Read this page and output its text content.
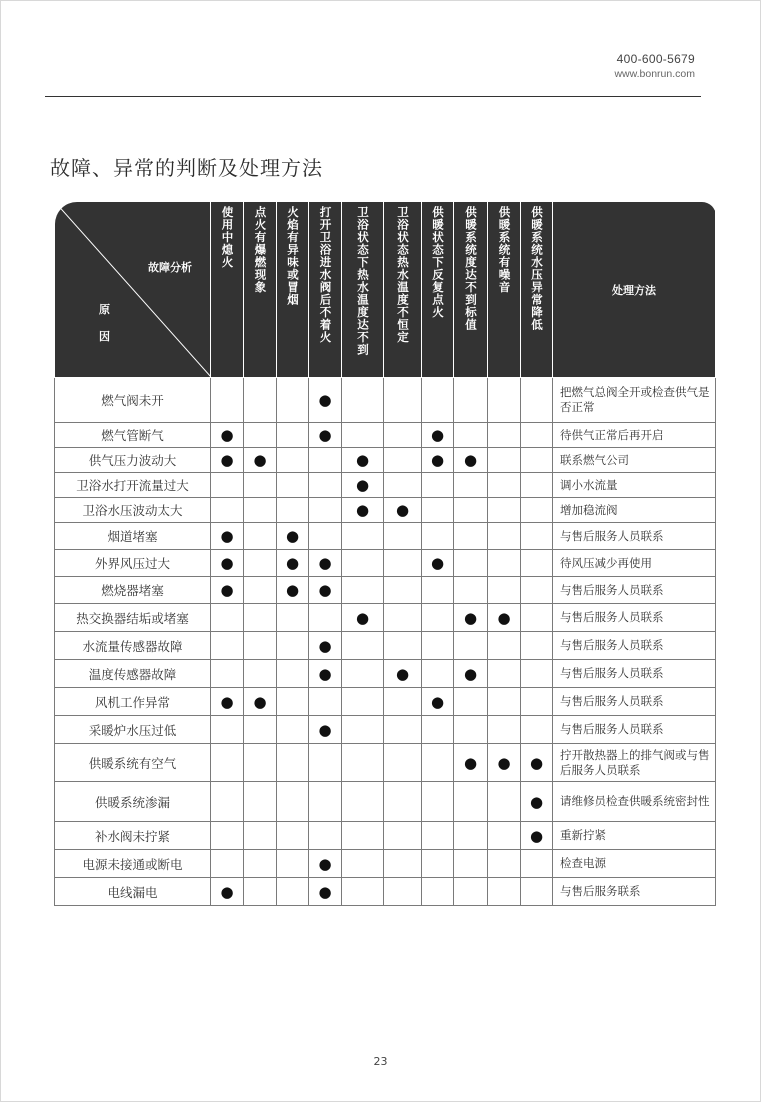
400-600-5679
www.bonrun.com
故障、异常的判断及处理方法
故障分析
原
因	使用中熄火	点火有爆燃现象	火焰有异味或冒烟	打开卫浴进水阀后不着火	卫浴状态下热水温度达不到	卫浴状态热水温度不恒定	供暖状态下反复点火	供暖系统度达不到标值	供暖系统有噪音	供暖系统水压异常降低	处理方法
燃气阀未开				●							把燃气总阀全开或检查供气是否正常
燃气管断气	●			●			●				待供气正常后再开启
供气压力波动大	●	●			●		●	●			联系燃气公司
卫浴水打开流量过大					●						调小水流量
卫浴水压波动太大					●	●					增加稳流阀
烟道堵塞	●		●								与售后服务人员联系
外界风压过大	●		●	●			●				待风压减少再使用
燃烧器堵塞	●		●	●							与售后服务人员联系
热交换器结垢或堵塞					●			●	●		与售后服务人员联系
水流量传感器故障				●							与售后服务人员联系
温度传感器故障				●		●		●			与售后服务人员联系
风机工作异常	●	●					●				与售后服务人员联系
采暖炉水压过低				●							与售后服务人员联系
供暖系统有空气								●	●	●	拧开散热器上的排气阀或与售后服务人员联系
供暖系统渗漏										●	请维修员检查供暖系统密封性
补水阀未拧紧										●	重新拧紧
电源未接通或断电				●							检查电源
电线漏电	●			●							与售后服务联系
23
